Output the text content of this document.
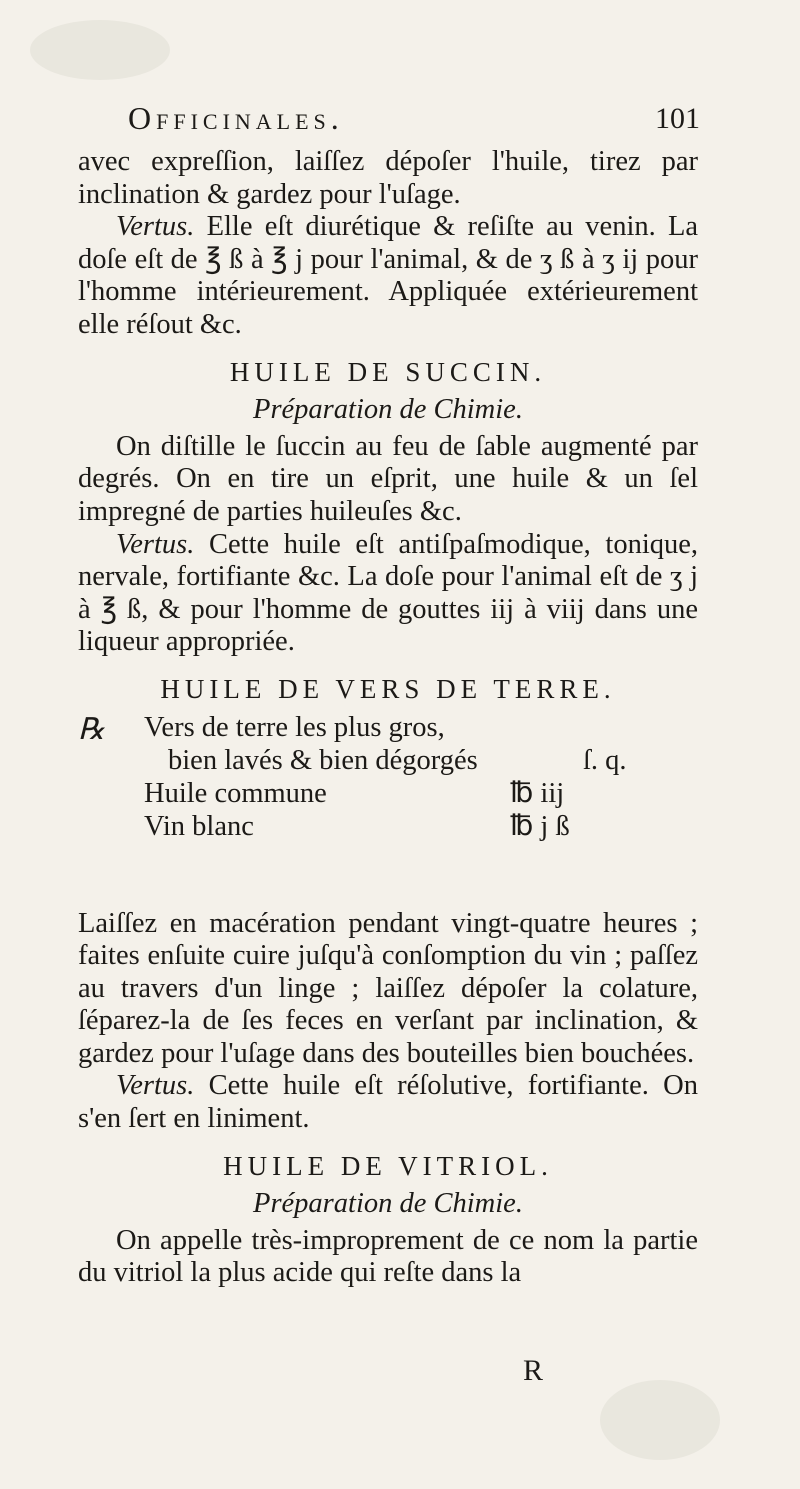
Officinales.	101

avec expreſſion, laiſſez dépoſer l'huile, tirez par inclination & gardez pour l'uſage.

Vertus. Elle eſt diurétique & reſiſte au venin. La doſe eſt de ℥ ß à ℥ j pour l'animal, & de ʒ ß à ʒ ij pour l'homme intérieurement. Appliquée extérieurement elle réſout &c.

HUILE DE SUCCIN.
Préparation de Chimie.

On diſtille le ſuccin au feu de ſable augmenté par degrés. On en tire un eſprit, une huile & un ſel impregné de parties huileuſes &c.

Vertus. Cette huile eſt antiſpaſmodique, tonique, nervale, fortifiante &c. La doſe pour l'animal eſt de ʒ j à ℥ ß, & pour l'homme de gouttes iij à viij dans une liqueur appropriée.

HUILE DE VERS DE TERRE.
℞ Vers de terre les plus gros,
bien lavés & bien dégorgés	ſ. q.
Huile commune	℔ iij
Vin blanc	℔ j ß

Laiſſez en macération pendant vingt-quatre heures ; faites enſuite cuire juſqu'à conſomption du vin ; paſſez au travers d'un linge ; laiſſez dépoſer la colature, ſéparez-la de ſes feces en verſant par inclination, & gardez pour l'uſage dans des bouteilles bien bouchées.

Vertus. Cette huile eſt réſolutive, fortifiante. On s'en ſert en liniment.

HUILE DE VITRIOL.
Préparation de Chimie.

On appelle très-improprement de ce nom la partie du vitriol la plus acide qui reſte dans la

R
